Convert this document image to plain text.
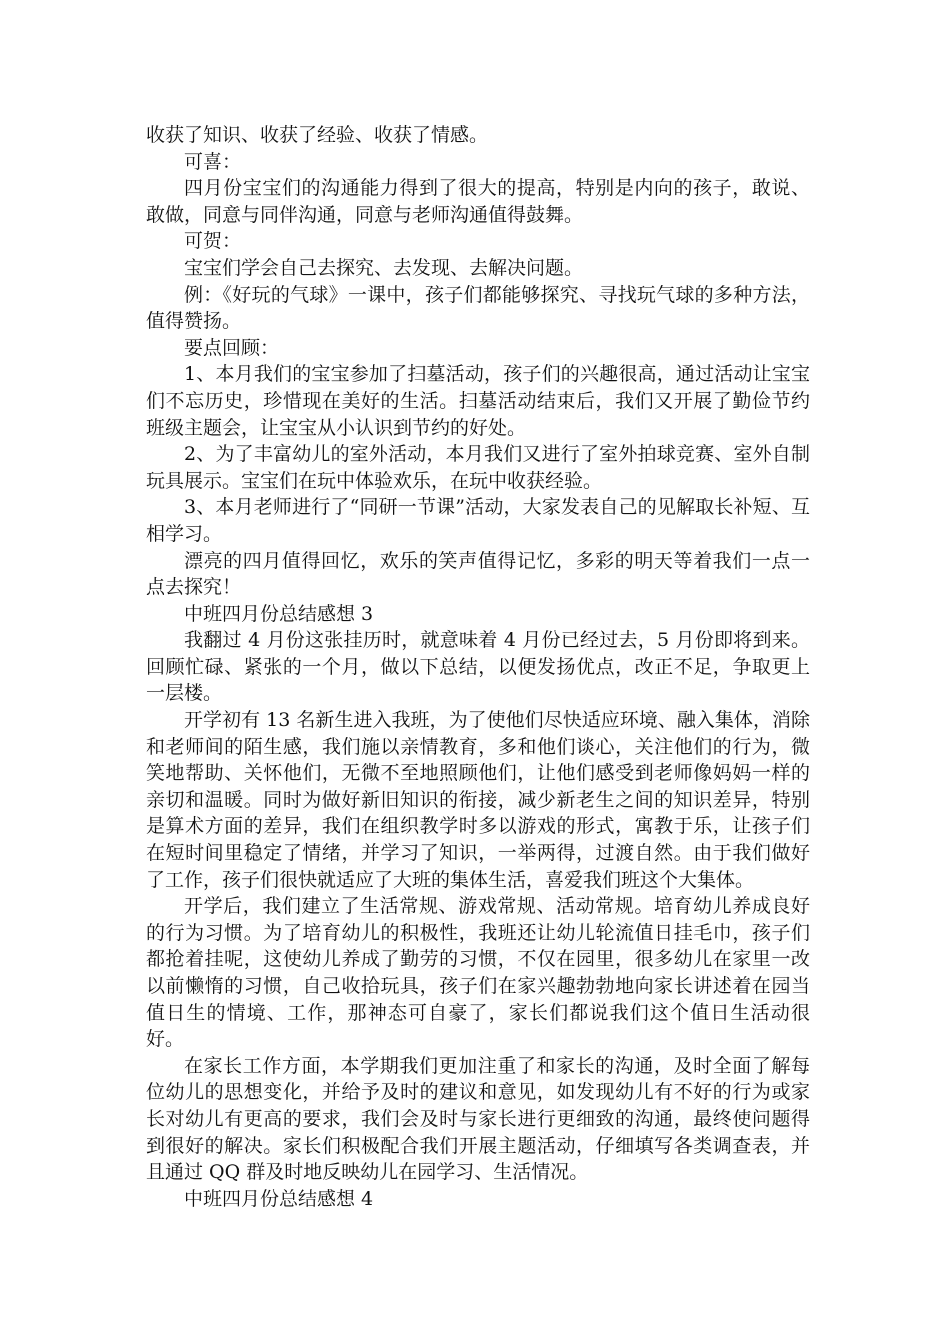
收获了知识、收获了经验、收获了情感。

可喜：

四月份宝宝们的沟通能力得到了很大的提高，特别是内向的孩子，敢说、敢做，同意与同伴沟通，同意与老师沟通值得鼓舞。

可贺：

宝宝们学会自己去探究、去发现、去解决问题。

例：《好玩的气球》一课中，孩子们都能够探究、寻找玩气球的多种方法，值得赞扬。

要点回顾：

1、本月我们的宝宝参加了扫墓活动，孩子们的兴趣很高，通过活动让宝宝们不忘历史，珍惜现在美好的生活。扫墓活动结束后，我们又开展了勤俭节约班级主题会，让宝宝从小认识到节约的好处。

2、为了丰富幼儿的室外活动，本月我们又进行了室外拍球竞赛、室外自制玩具展示。宝宝们在玩中体验欢乐，在玩中收获经验。

3、本月老师进行了“同研一节课”活动，大家发表自己的见解取长补短、互相学习。

漂亮的四月值得回忆，欢乐的笑声值得记忆，多彩的明天等着我们一点一点去探究！

中班四月份总结感想 3

我翻过 4 月份这张挂历时，就意味着 4 月份已经过去，5 月份即将到来。回顾忙碌、紧张的一个月，做以下总结，以便发扬优点，改正不足，争取更上一层楼。

开学初有 13 名新生进入我班，为了使他们尽快适应环境、融入集体，消除和老师间的陌生感，我们施以亲情教育，多和他们谈心，关注他们的行为，微笑地帮助、关怀他们，无微不至地照顾他们，让他们感受到老师像妈妈一样的亲切和温暖。同时为做好新旧知识的衔接，减少新老生之间的知识差异，特别是算术方面的差异，我们在组织教学时多以游戏的形式，寓教于乐，让孩子们在短时间里稳定了情绪，并学习了知识，一举两得，过渡自然。由于我们做好了工作，孩子们很快就适应了大班的集体生活，喜爱我们班这个大集体。

开学后，我们建立了生活常规、游戏常规、活动常规。培育幼儿养成良好的行为习惯。为了培育幼儿的积极性，我班还让幼儿轮流值日挂毛巾，孩子们都抢着挂呢，这使幼儿养成了勤劳的习惯，不仅在园里，很多幼儿在家里一改以前懒惰的习惯，自己收拾玩具，孩子们在家兴趣勃勃地向家长讲述着在园当值日生的情境、工作，那神态可自豪了，家长们都说我们这个值日生活动很好。

在家长工作方面，本学期我们更加注重了和家长的沟通，及时全面了解每位幼儿的思想变化，并给予及时的建议和意见，如发现幼儿有不好的行为或家长对幼儿有更高的要求，我们会及时与家长进行更细致的沟通，最终使问题得到很好的解决。家长们积极配合我们开展主题活动，仔细填写各类调查表，并且通过 QQ 群及时地反映幼儿在园学习、生活情况。

中班四月份总结感想 4
